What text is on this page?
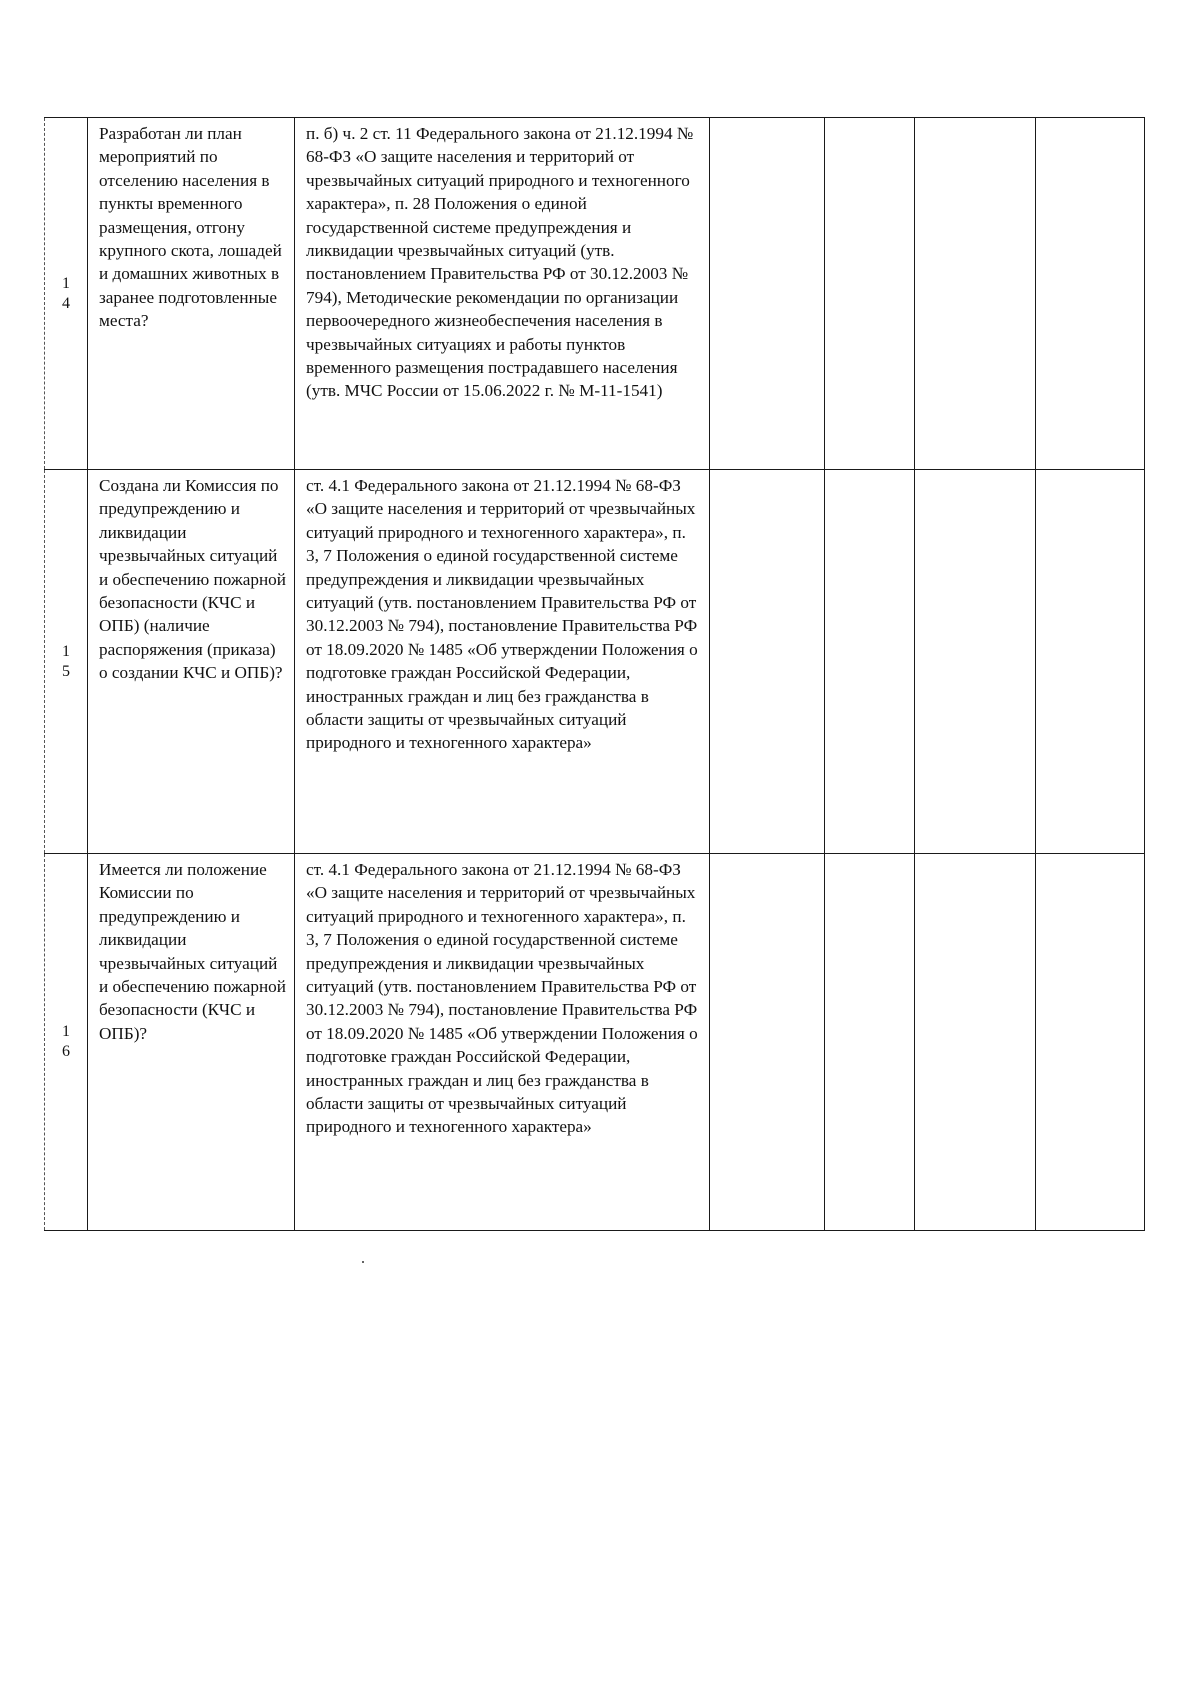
14	Разработан ли план мероприятий по отселению населения в пункты временного размещения, отгону крупного скота, лошадей и домашних животных в заранее подготовленные места?	п. б) ч. 2 ст. 11 Федерального закона от 21.12.1994 № 68-ФЗ «О защите населения и территорий от чрезвычайных ситуаций природного и техногенного характера», п. 28 Положения о единой государственной системе предупреждения и ликвидации чрезвычайных ситуаций (утв. постановлением Правительства РФ от 30.12.2003 № 794), Методические рекомендации по организации первоочередного жизнеобеспечения населения в чрезвычайных ситуациях и работы пунктов временного размещения пострадавшего населения (утв. МЧС России от 15.06.2022 г. № М-11-1541)				

15	Создана ли Комиссия по предупреждению и ликвидации чрезвычайных ситуаций и обеспечению пожарной безопасности (КЧС и ОПБ) (наличие распоряжения (приказа) о создании КЧС и ОПБ)?	ст. 4.1 Федерального закона от 21.12.1994 № 68-ФЗ «О защите населения и территорий от чрезвычайных ситуаций природного и техногенного характера», п. 3, 7 Положения о единой государственной системе предупреждения и ликвидации чрезвычайных ситуаций (утв. постановлением Правительства РФ от 30.12.2003 № 794), постановление Правительства РФ от 18.09.2020 № 1485 «Об утверждении Положения о подготовке граждан Российской Федерации, иностранных граждан и лиц без гражданства в области защиты от чрезвычайных ситуаций природного и техногенного характера»				

16	Имеется ли положение Комиссии по предупреждению и ликвидации чрезвычайных ситуаций и обеспечению пожарной безопасности (КЧС и ОПБ)?	ст. 4.1 Федерального закона от 21.12.1994 № 68-ФЗ «О защите населения и территорий от чрезвычайных ситуаций природного и техногенного характера», п. 3, 7 Положения о единой государственной системе предупреждения и ликвидации чрезвычайных ситуаций (утв. постановлением Правительства РФ от 30.12.2003 № 794), постановление Правительства РФ от 18.09.2020 № 1485 «Об утверждении Положения о подготовке граждан Российской Федерации, иностранных граждан и лиц без гражданства в области защиты от чрезвычайных ситуаций природного и техногенного характера»				
